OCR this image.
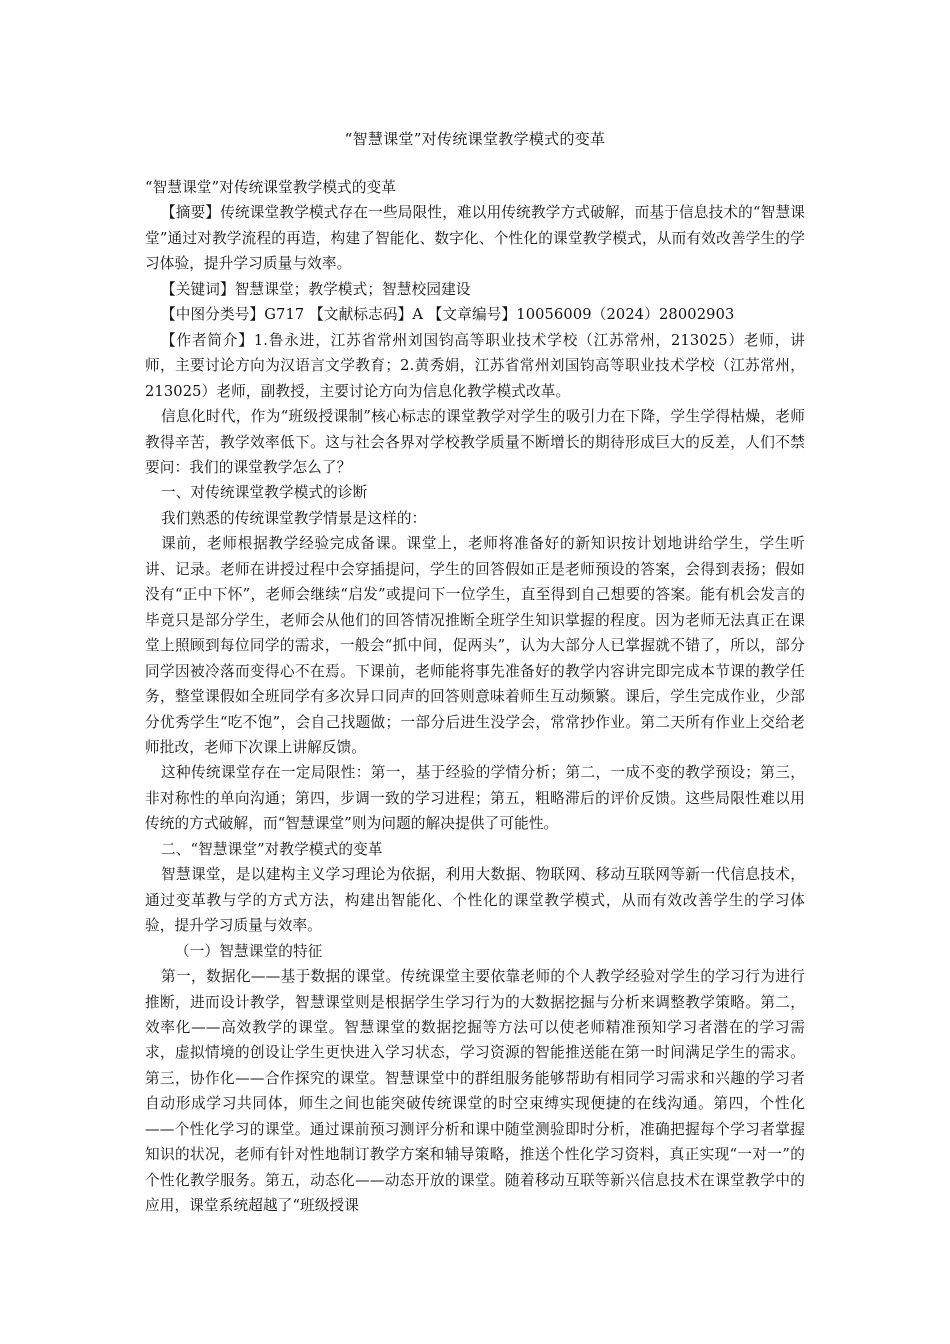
“智慧课堂”对传统课堂教学模式的变革

“智慧课堂”对传统课堂教学模式的变革

【摘要】传统课堂教学模式存在一些局限性，难以用传统教学方式破解，而基于信息技术的“智慧课堂”通过对教学流程的再造，构建了智能化、数字化、个性化的课堂教学模式，从而有效改善学生的学习体验，提升学习质量与效率。

【关键词】智慧课堂；教学模式；智慧校园建设

【中图分类号】G717 【文献标志码】A 【文章编号】10056009（2024）28002903

【作者简介】1.鲁永进，江苏省常州刘国钧高等职业技术学校（江苏常州，213025）老师，讲师，主要讨论方向为汉语言文学教育；2.黄秀娟，江苏省常州刘国钧高等职业技术学校（江苏常州，213025）老师，副教授，主要讨论方向为信息化教学模式改革。

信息化时代，作为“班级授课制”核心标志的课堂教学对学生的吸引力在下降，学生学得枯燥，老师教得辛苦，教学效率低下。这与社会各界对学校教学质量不断增长的期待形成巨大的反差，人们不禁要问：我们的课堂教学怎么了？

一、对传统课堂教学模式的诊断

我们熟悉的传统课堂教学情景是这样的：

课前，老师根据教学经验完成备课。课堂上，老师将准备好的新知识按计划地讲给学生，学生听讲、记录。老师在讲授过程中会穿插提问，学生的回答假如正是老师预设的答案，会得到表扬；假如没有“正中下怀”，老师会继续“启发”或提问下一位学生，直至得到自己想要的答案。能有机会发言的毕竟只是部分学生，老师会从他们的回答情况推断全班学生知识掌握的程度。因为老师无法真正在课堂上照顾到每位同学的需求，一般会“抓中间，促两头”，认为大部分人已掌握就不错了，所以，部分同学因被冷落而变得心不在焉。下课前，老师能将事先准备好的教学内容讲完即完成本节课的教学任务，整堂课假如全班同学有多次异口同声的回答则意味着师生互动频繁。课后，学生完成作业，少部分优秀学生“吃不饱”，会自己找题做；一部分后进生没学会，常常抄作业。第二天所有作业上交给老师批改，老师下次课上讲解反馈。

这种传统课堂存在一定局限性：第一，基于经验的学情分析；第二，一成不变的教学预设；第三，非对称性的单向沟通；第四，步调一致的学习进程；第五，粗略滞后的评价反馈。这些局限性难以用传统的方式破解，而“智慧课堂”则为问题的解决提供了可能性。

二、“智慧课堂”对教学模式的变革

智慧课堂，是以建构主义学习理论为依据，利用大数据、物联网、移动互联网等新一代信息技术，通过变革教与学的方式方法，构建出智能化、个性化的课堂教学模式，从而有效改善学生的学习体验，提升学习质量与效率。

（一）智慧课堂的特征

第一，数据化——基于数据的课堂。传统课堂主要依靠老师的个人教学经验对学生的学习行为进行推断，进而设计教学，智慧课堂则是根据学生学习行为的大数据挖掘与分析来调整教学策略。第二，效率化——高效教学的课堂。智慧课堂的数据挖掘等方法可以使老师精准预知学习者潜在的学习需求，虚拟情境的创设让学生更快进入学习状态，学习资源的智能推送能在第一时间满足学生的需求。第三，协作化——合作探究的课堂。智慧课堂中的群组服务能够帮助有相同学习需求和兴趣的学习者自动形成学习共同体，师生之间也能突破传统课堂的时空束缚实现便捷的在线沟通。第四，个性化——个性化学习的课堂。通过课前预习测评分析和课中随堂测验即时分析，准确把握每个学习者掌握知识的状况，老师有针对性地制订教学方案和辅导策略，推送个性化学习资料，真正实现“一对一”的个性化教学服务。第五，动态化——动态开放的课堂。随着移动互联等新兴信息技术在课堂教学中的应用，课堂系统超越了“班级授课
